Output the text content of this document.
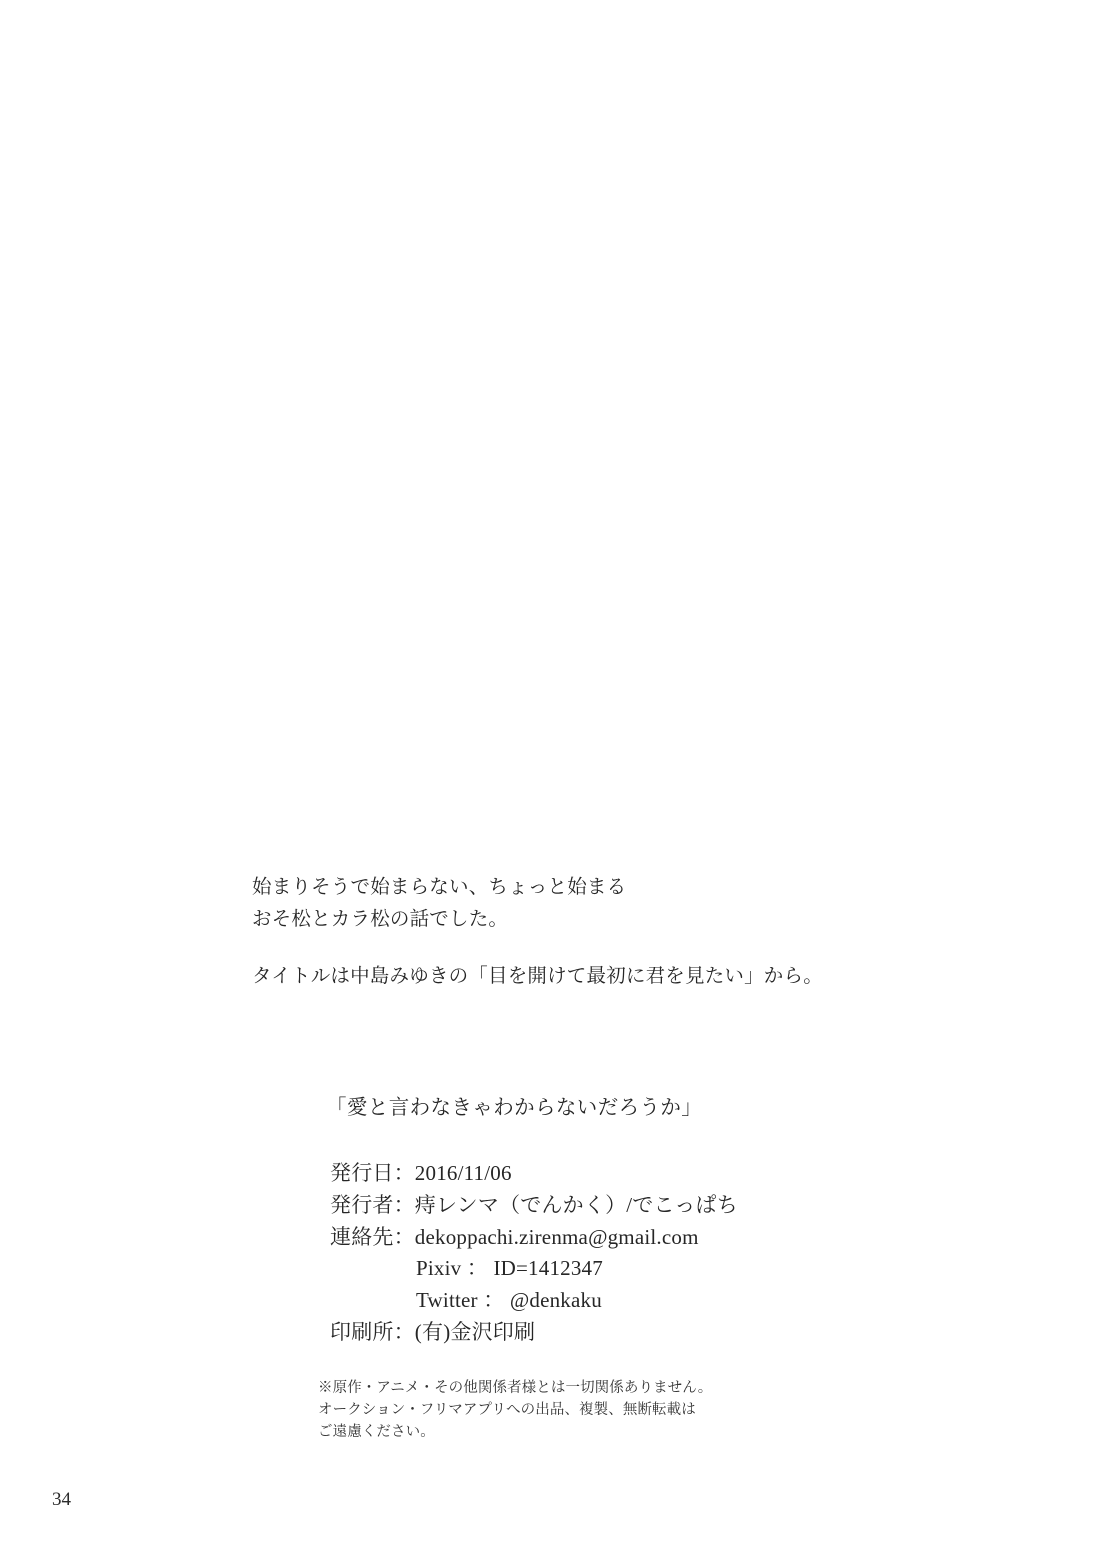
始まりそうで始まらない、ちょっと始まる

おそ松とカラ松の話でした。

タイトルは中島みゆきの「目を開けて最初に君を見たい」から。

「愛と言わなきゃわからないだろうか」
発行日：2016/11/06
発行者：痔レンマ（でんかく）/でこっぱち
連絡先：dekoppachi.zirenma@gmail.com
Pixiv ： ID=1412347
Twitter ： @denkaku
印刷所：(有)金沢印刷
※原作・アニメ・その他関係者様とは一切関係ありません。
オークション・フリマアプリへの出品、複製、無断転載は
ご遠慮ください。
34
